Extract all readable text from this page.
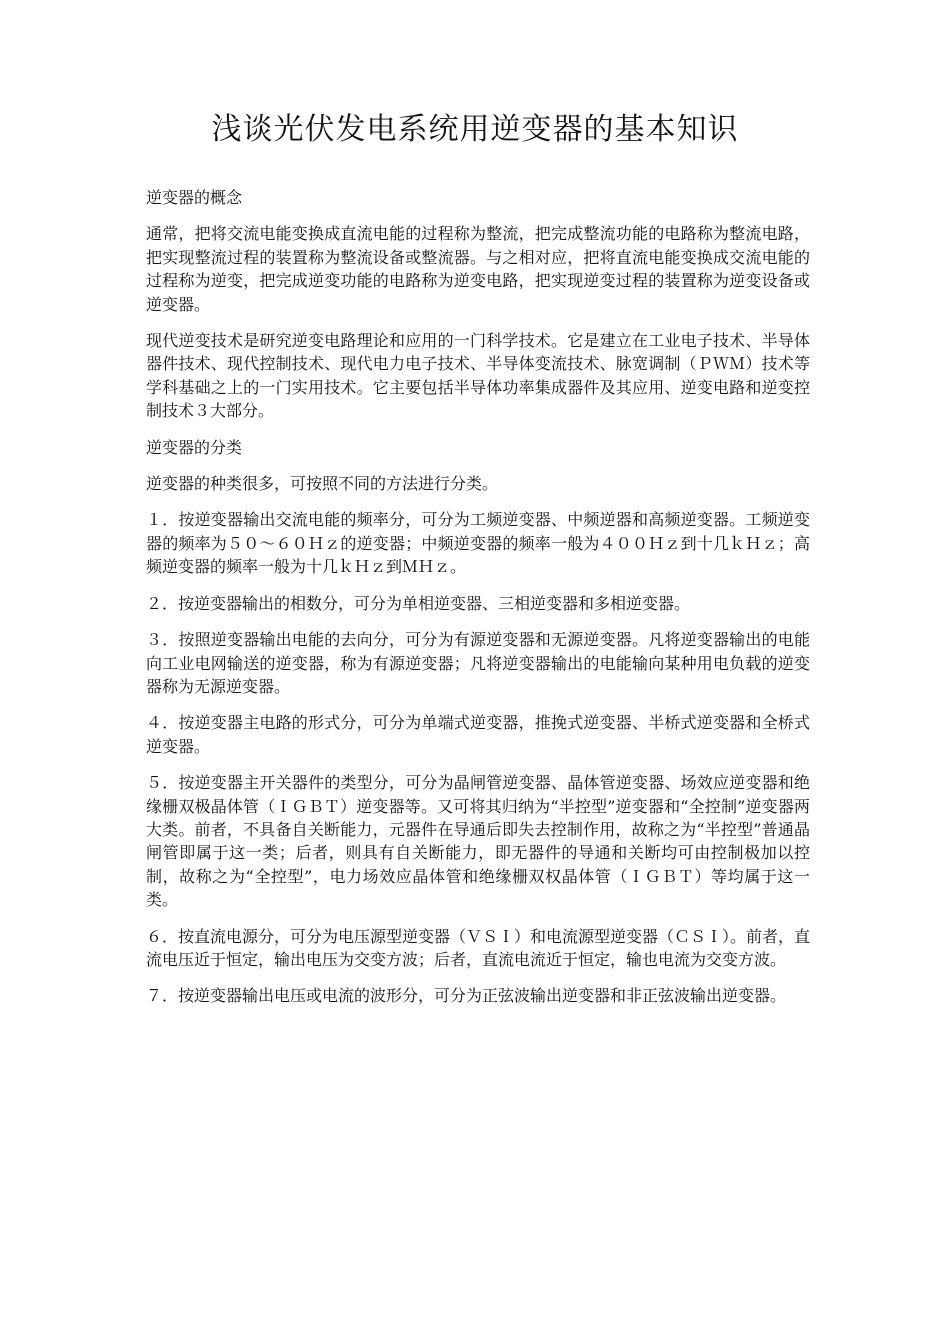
浅谈光伏发电系统用逆变器的基本知识

逆变器的概念

通常，把将交流电能变换成直流电能的过程称为整流，把完成整流功能的电路称为整流电路，把实现整流过程的装置称为整流设备或整流器。与之相对应，把将直流电能变换成交流电能的过程称为逆变，把完成逆变功能的电路称为逆变电路，把实现逆变过程的装置称为逆变设备或逆变器。

现代逆变技术是研究逆变电路理论和应用的一门科学技术。它是建立在工业电子技术、半导体器件技术、现代控制技术、现代电力电子技术、半导体变流技术、脉宽调制（ＰＷＭ）技术等学科基础之上的一门实用技术。它主要包括半导体功率集成器件及其应用、逆变电路和逆变控制技术３大部分。

逆变器的分类

逆变器的种类很多，可按照不同的方法进行分类。

１．按逆变器输出交流电能的频率分，可分为工频逆变器、中频逆器和高频逆变器。工频逆变器的频率为５０～６０Ｈｚ的逆变器；中频逆变器的频率一般为４００Ｈｚ到十几ｋＨｚ；高频逆变器的频率一般为十几ｋＨｚ到ＭＨｚ。

２．按逆变器输出的相数分，可分为单相逆变器、三相逆变器和多相逆变器。

３．按照逆变器输出电能的去向分，可分为有源逆变器和无源逆变器。凡将逆变器输出的电能向工业电网输送的逆变器，称为有源逆变器；凡将逆变器输出的电能输向某种用电负载的逆变器称为无源逆变器。

４．按逆变器主电路的形式分，可分为单端式逆变器，推挽式逆变器、半桥式逆变器和全桥式逆变器。

５．按逆变器主开关器件的类型分，可分为晶闸管逆变器、晶体管逆变器、场效应逆变器和绝缘栅双极晶体管（ＩＧＢＴ）逆变器等。又可将其归纳为“半控型”逆变器和“全控制”逆变器两大类。前者，不具备自关断能力，元器件在导通后即失去控制作用，故称之为“半控型”普通晶闸管即属于这一类；后者，则具有自关断能力，即无器件的导通和关断均可由控制极加以控制，故称之为“全控型”，电力场效应晶体管和绝缘栅双权晶体管（ＩＧＢＴ）等均属于这一类。

６．按直流电源分，可分为电压源型逆变器（ＶＳＩ）和电流源型逆变器（ＣＳＩ）。前者，直流电压近于恒定，输出电压为交变方波；后者，直流电流近于恒定，输也电流为交变方波。

７．按逆变器输出电压或电流的波形分，可分为正弦波输出逆变器和非正弦波输出逆变器。
